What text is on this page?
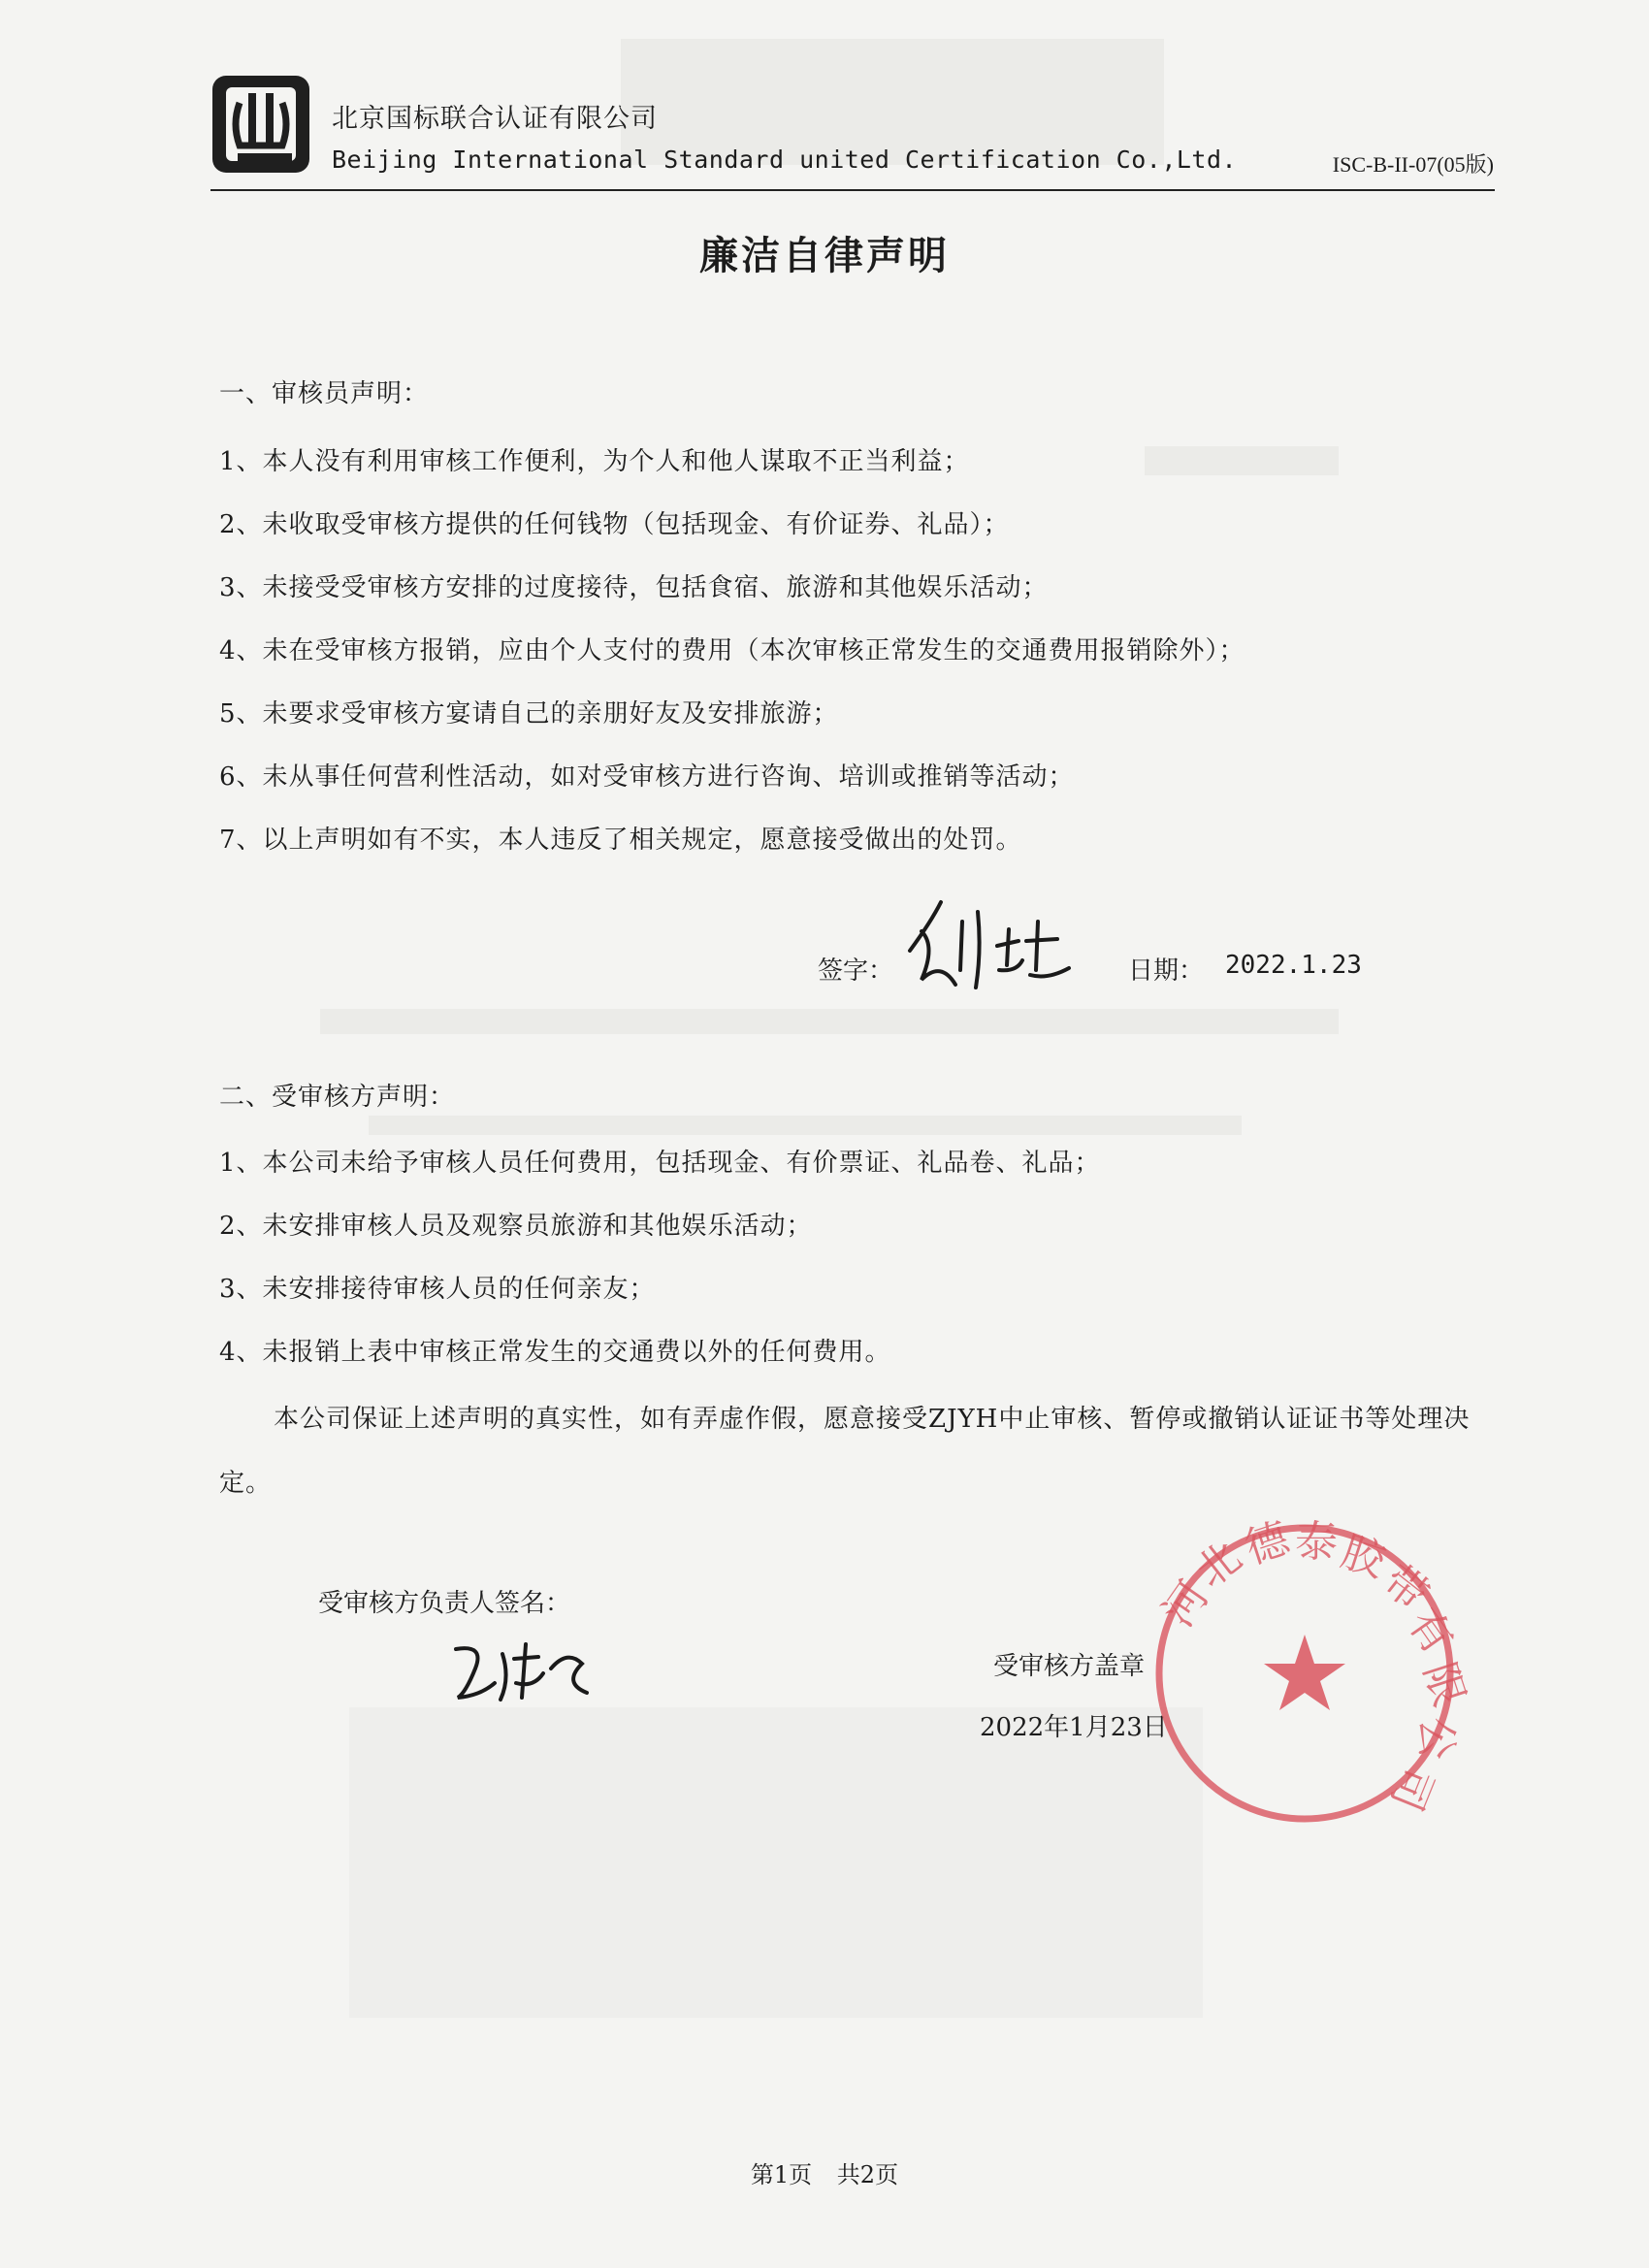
北京国标联合认证有限公司
Beijing International Standard united Certification Co.,Ltd.	ISC-B-II-07(05版)
廉洁自律声明
一、审核员声明：
1、本人没有利用审核工作便利，为个人和他人谋取不正当利益；
2、未收取受审核方提供的任何钱物（包括现金、有价证券、礼品）；
3、未接受受审核方安排的过度接待，包括食宿、旅游和其他娱乐活动；
4、未在受审核方报销，应由个人支付的费用（本次审核正常发生的交通费用报销除外）；
5、未要求受审核方宴请自己的亲朋好友及安排旅游；
6、未从事任何营利性活动，如对受审核方进行咨询、培训或推销等活动；
7、以上声明如有不实，本人违反了相关规定，愿意接受做出的处罚。
签字：	日期： 2022.1.23
二、受审核方声明：
1、本公司未给予审核人员任何费用，包括现金、有价票证、礼品卷、礼品；
2、未安排审核人员及观察员旅游和其他娱乐活动；
3、未安排接待审核人员的任何亲友；
4、未报销上表中审核正常发生的交通费以外的任何费用。
本公司保证上述声明的真实性，如有弄虚作假，愿意接受ZJYH中止审核、暂停或撤销认证证书等处理决定。
受审核方负责人签名：
受审核方盖章
2022年1月23日
河
北
德 泰
胶
带
有
限
公
司
第1页 共2页
